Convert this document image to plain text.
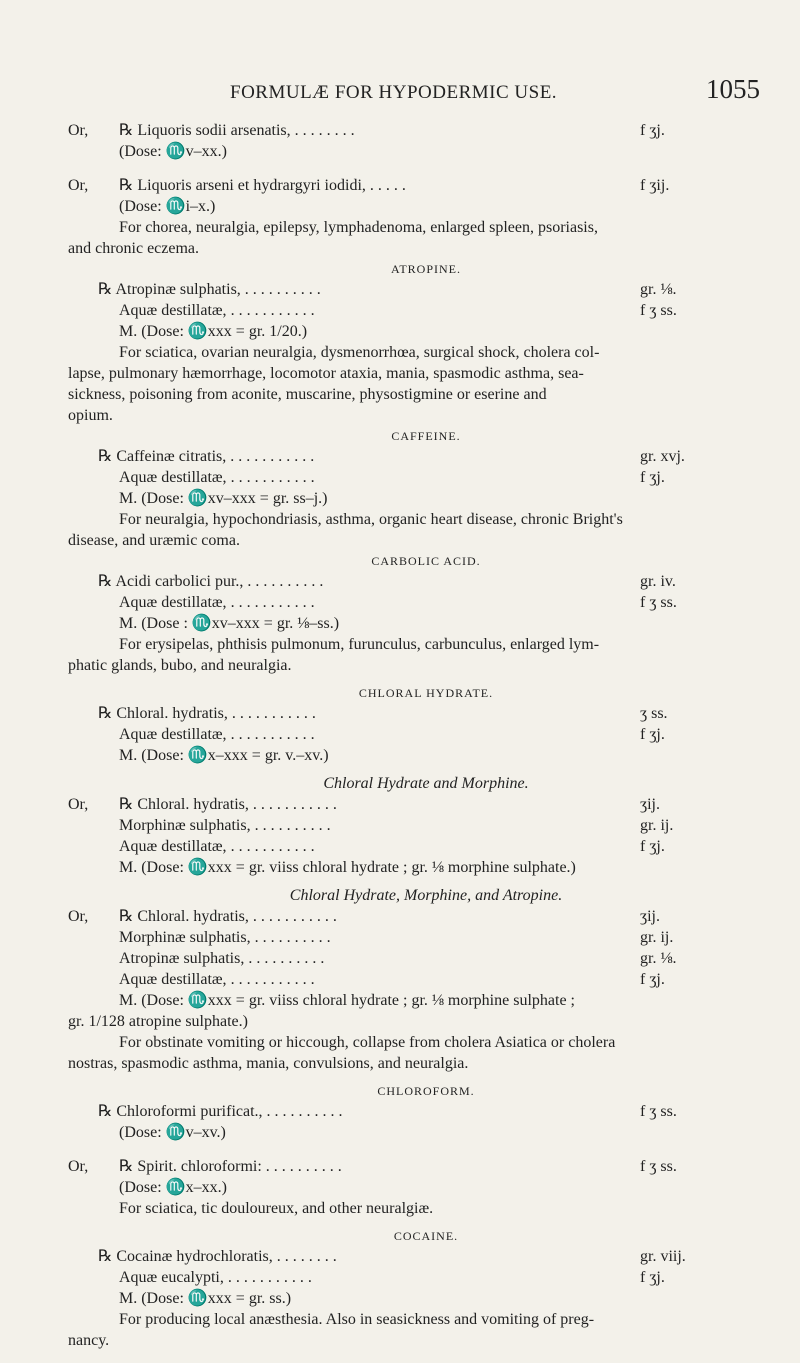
FORMULÆ FOR HYPODERMIC USE.	1055
Or, ℞ Liquoris sodii arsenatis, . . . . . . . .	f ʒj.
(Dose: ♏v–xx.)
Or, ℞ Liquoris arseni et hydrargyri iodidi, . . . . .	f ʒij.
(Dose: ♏i–x.)
For chorea, neuralgia, epilepsy, lymphadenoma, enlarged spleen, psoriasis,
and chronic eczema.
ATROPINE.
℞ Atropinæ sulphatis, . . . . . . . . . .	gr. ⅛.
Aquæ destillatæ, . . . . . . . . . . .	f ʒ ss.
M. (Dose: ♏xxx = gr. 1/20.)
For sciatica, ovarian neuralgia, dysmenorrhœa, surgical shock, cholera col-
lapse, pulmonary hæmorrhage, locomotor ataxia, mania, spasmodic asthma, sea-
sickness, poisoning from aconite, muscarine, physostigmine or eserine and
opium.
CAFFEINE.
℞ Caffeinæ citratis, . . . . . . . . . . .	gr. xvj.
Aquæ destillatæ, . . . . . . . . . . .	f ʒj.
M. (Dose: ♏xv–xxx = gr. ss–j.)
For neuralgia, hypochondriasis, asthma, organic heart disease, chronic Bright's
disease, and uræmic coma.
CARBOLIC ACID.
℞ Acidi carbolici pur., . . . . . . . . . .	gr. iv.
Aquæ destillatæ, . . . . . . . . . . .	f ʒ ss.
M. (Dose : ♏xv–xxx = gr. ⅛–ss.)
For erysipelas, phthisis pulmonum, furunculus, carbunculus, enlarged lym-
phatic glands, bubo, and neuralgia.
CHLORAL HYDRATE.
℞ Chloral. hydratis, . . . . . . . . . . .	ʒ ss.
Aquæ destillatæ, . . . . . . . . . . .	f ʒj.
M. (Dose: ♏x–xxx = gr. v.–xv.)
Chloral Hydrate and Morphine.
Or, ℞ Chloral. hydratis, . . . . . . . . . . .	ʒij.
Morphinæ sulphatis, . . . . . . . . . .	gr. ij.
Aquæ destillatæ, . . . . . . . . . . .	f ʒj.
M. (Dose: ♏xxx = gr. viiss chloral hydrate ; gr. ⅛ morphine sulphate.)
Chloral Hydrate, Morphine, and Atropine.
Or, ℞ Chloral. hydratis, . . . . . . . . . . .	ʒij.
Morphinæ sulphatis, . . . . . . . . . .	gr. ij.
Atropinæ sulphatis, . . . . . . . . . .	gr. ⅛.
Aquæ destillatæ, . . . . . . . . . . .	f ʒj.
M. (Dose: ♏xxx = gr. viiss chloral hydrate ; gr. ⅛ morphine sulphate ;
gr. 1/128 atropine sulphate.)
For obstinate vomiting or hiccough, collapse from cholera Asiatica or cholera
nostras, spasmodic asthma, mania, convulsions, and neuralgia.
CHLOROFORM.
℞ Chloroformi purificat., . . . . . . . . . .	f ʒ ss.
(Dose: ♏v–xv.)
Or, ℞ Spirit. chloroformi: . . . . . . . . . .	f ʒ ss.
(Dose: ♏x–xx.)
For sciatica, tic douloureux, and other neuralgiæ.
COCAINE.
℞ Cocainæ hydrochloratis, . . . . . . . .	gr. viij.
Aquæ eucalypti, . . . . . . . . . . .	f ʒj.
M. (Dose: ♏xxx = gr. ss.)
For producing local anæsthesia. Also in seasickness and vomiting of preg-
nancy.
